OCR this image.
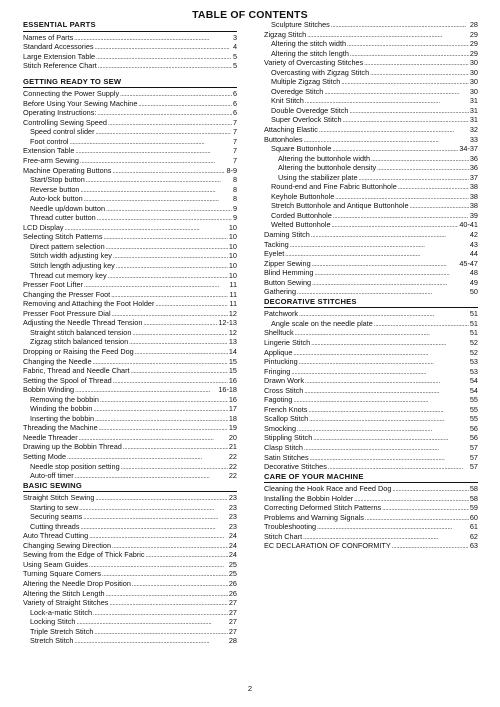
TABLE OF CONTENTS
ESSENTIAL PARTS
Names of Parts . . .	3
Standard Accessories . . .	4
Large Extension Table . . .	5
Stitch Reference Chart . . .	5
GETTING READY TO SEW
Connecting the Power Supply . . .	6
Before Using Your Sewing Machine . . .	6
Operating Instructions: . . .	6
Controlling Sewing Speed . . .	7
Speed control slider . . .	7
Foot control . . .	7
Extension Table . . .	7
Free-arm Sewing . . .	7
Machine Operating Buttons . . .	8-9
Start/Stop button . . .	8
Reverse button . . .	8
Auto-lock button . . .	8
Needle up/down button . . .	9
Thread cutter button . . .	9
LCD Display . . .	10
Selecting Stitch Patterns . . .	10
Direct pattern selection . . .	10
Stitch width adjusting key . . .	10
Stitch length adjusting key . . .	10
Thread cut memory key . . .	10
Presser Foot Lifter . . .	11
Changing the Presser Foot . . .	11
Removing and Attaching the Foot Holder . . .	11
Presser Foot Pressure Dial . . .	12
Adjusting the Needle Thread Tension . . .	12-13
Straight stitch balanced tension . . .	12
Zigzag stitch balanced tension . . .	13
Dropping or Raising the Feed Dog . . .	14
Changing the Needle . . .	15
Fabric, Thread and Needle Chart . . .	15
Setting the Spool of Thread . . .	16
Bobbin Winding . . .	16-18
Removing the bobbin . . .	16
Winding the bobbin . . .	17
Inserting the bobbin . . .	18
Threading the Machine . . .	19
Needle Threader . . .	20
Drawing up the Bobbin Thread . . .	21
Setting Mode . . .	22
Needle stop position setting . . .	22
Auto-off timer . . .	22
BASIC SEWING
Straight Stitch Sewing . . .	23
Starting to sew . . .	23
Securing seams . . .	23
Cutting threads . . .	23
Auto Thread Cutting . . .	24
Changing Sewing Direction . . .	24
Sewing from the Edge of Thick Fabric . . .	24
Using Seam Guides . . .	25
Turning Square Corners . . .	25
Altering the Needle Drop Position . . .	26
Altering the Stitch Length . . .	26
Variety of Straight Stitches . . .	27
Lock-a-matic Stitch . . .	27
Locking Stitch . . .	27
Triple Stretch Stitch . . .	27
Stretch Stitch . . .	28
Sculpture Stitches . . .	28
Zigzag Stitch . . .	29
Altering the stitch width . . .	29
Altering the stitch length . . .	29
Variety of Overcasting Stitches . . .	30
Overcasting with Zigzag Stitch . . .	30
Multiple Zigzag Stitch . . .	30
Overedge Stitch . . .	30
Knit Stitch . . .	31
Double Overedge Stitch . . .	31
Super Overlock Stitch . . .	31
Attaching Elastic . . .	32
Buttonholes . . .	33
Square Buttonhole . . .	34-37
Altering the buttonhole width . . .	36
Altering the buttonhole density . . .	36
Using the stabilizer plate . . .	37
Round-end and Fine Fabric Buttonhole . . .	38
Keyhole Buttonhole . . .	38
Stretch Buttonhole and Antique Buttonhole . . .	38
Corded Buttonhole . . .	39
Welted Buttonhole . . .	40-41
Darning Stitch . . .	42
Tacking . . .	43
Eyelet . . .	44
Zipper Sewing . . .	45-47
Blind Hemming . . .	48
Button Sewing . . .	49
Gathering . . .	50
DECORATIVE STITCHES
Patchwork . . .	51
Angle scale on the needle plate . . .	51
Shelltuck . . .	51
Lingerie Stitch . . .	52
Applique . . .	52
Pintucking . . .	53
Fringing . . .	53
Drawn Work . . .	54
Cross Stitch . . .	54
Fagoting . . .	55
French Knots . . .	55
Scallop Stitch . . .	55
Smocking . . .	56
Stippling Stitch . . .	56
Clasp Stitch . . .	57
Satin Stitches . . .	57
Decorative Stitches . . .	57
CARE OF YOUR MACHINE
Cleaning the Hook Race and Feed Dog . . .	58
Installing the Bobbin Holder . . .	58
Correcting Deformed Stitch Patterns . . .	59
Problems and Warning Signals . . .	60
Troubleshooting . . .	61
Stitch Chart . . .	62
EC DECLARATION OF CONFORMITY . . .	63
2
